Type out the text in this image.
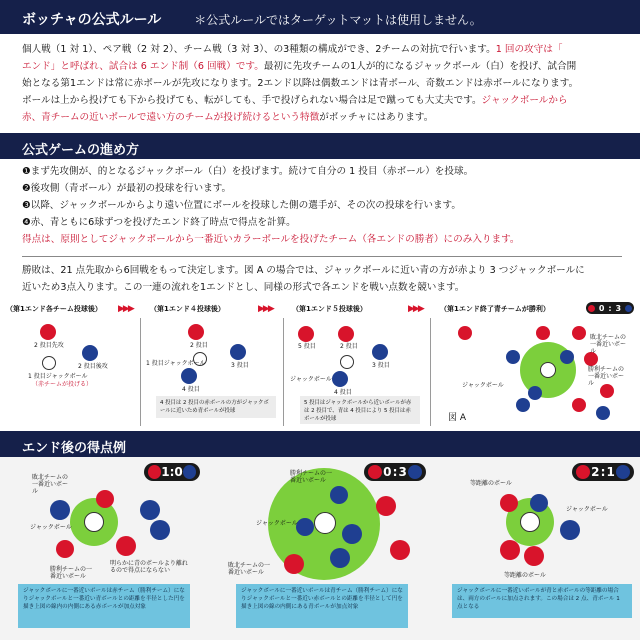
ボッチャの公式ルール	＊公式ルールではターゲットマットは使用しません。
個人戦（1 対 1）、ペア戦（2 対 2）、チーム戦（3 対 3）、の3種類の構成ができ、2チームの対抗で行います。1 回の攻守は「
エンド」と呼ばれ、試合は 6 エンド制（6 回戦）です。最初に先攻チームの1人が的になるジャックボール（白）を投げ、試合開
始となる第1エンドは常に赤ボールが先攻になります。2エンド以降は偶数エンドは青ボール、奇数エンドは赤ボールになります。
ボールは上から投げても下から投げても、転がしても、手で投げられない場合は足で蹴っても大丈夫です。ジャックボールから
赤、青チームの近いボールで遠い方のチームが投げ続けるという特徴がボッチャにはあります。
公式ゲームの進め方
❶まず先攻側が、的となるジャックボール（白）を投げます。続けて自分の 1 投目（赤ボール）を投球。
❷後攻側（青ボール）が最初の投球を行います。
❸以降、ジャックボールからより遠い位置にボールを投球した側の選手が、その次の投球を行います。
❹赤、青ともに6球ずつを投げたエンド終了時点で得点を計算。
得点は、原則としてジャックボールから一番近いカラーボールを投げたチーム（各エンドの勝者）にのみ入ります。
勝敗は、21 点先取から6回戦をもって決定します。図 A の場合では、ジャックボールに近い青の方が赤より 3 つジャックボールに
近いため3点入ります。この一連の流れを1エンドとし、同様の形式で各エンドを戦い点数を競います。
（第1エンド各チーム投球後） ▶▶▶ （第1エンド４投球後）	▶▶▶	（第1エンド５投球後）	▶▶▶ （第1エンド終了青チームが勝利）	0 : 3
2 投目先攻
2 投目後攻
1 投目ジャックボール
（赤チームが投げる）
2 投目
1 投目ジャックボール	3 投目
4 投目
4 投目は 2 投目の赤ボールの方がジャックボールに近いため青ボールが投球
5 投目	2 投目
3 投目
ジャックボール
4 投目
5 投目はジャックボールから近いボールが赤は 2 投目で、青は 4 投目により 5 投目は赤ボールが投球
敗北チームの一番近いボール
ジャックボール
勝利チームの一番近いボール
図 A
エンド後の得点例
1 : 0
敗北チームの一番近いボール
ジャックボール
勝利チームの一番近いボール
明らかに青のボールより離れるので得点にならない
ジャックボールに一番近いボールは赤チーム（勝利チーム）になりジャックボールと一番近い青ボールとの距離を半径とした円を描き上図の線内の内側にある赤ボールが加点対象
0 : 3
勝利チームの一番近いボール
ジャックボール
敗北チームの一番近いボール
ジャックボールに一番近いボールは青チーム（勝利チーム）になりジャックボールと一番近い赤ボールとの距離を半径として円を描き上図の線の内側にある青ボールが加点対象
2 : 1
等距離のボール
ジャックボール
等距離のボール
ジャックボールに一番近いボールが青と赤ボールの等距離の場合は、両方のボールに加点されます。この場合は 2 点、青ボール 1 点となる
